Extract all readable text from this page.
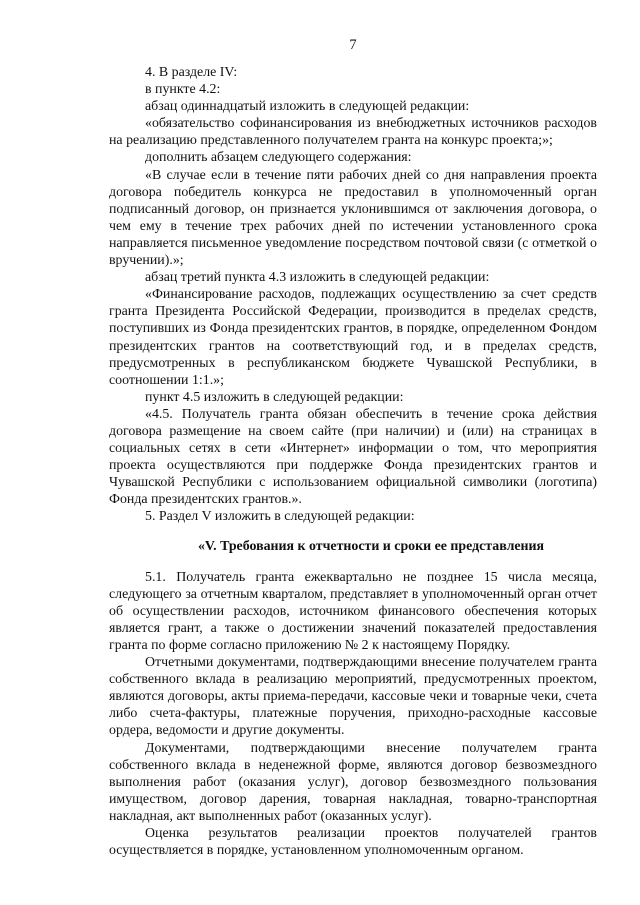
7

4. В разделе IV:

в пункте 4.2:

абзац одиннадцатый изложить в следующей редакции:

«обязательство софинансирования из внебюджетных источников расходов на реализацию представленного получателем гранта на конкурс проекта;»;

дополнить абзацем следующего содержания:

«В случае если в течение пяти рабочих дней со дня направления проекта договора победитель конкурса не предоставил в уполномоченный орган подписанный договор, он признается уклонившимся от заключения договора, о чем ему в течение трех рабочих дней по истечении установленного срока направляется письменное уведомление посредством почтовой связи (с отметкой о вручении).»;

абзац третий пункта 4.3 изложить в следующей редакции:

«Финансирование расходов, подлежащих осуществлению за счет средств гранта Президента Российской Федерации, производится в пределах средств, поступивших из Фонда президентских грантов, в порядке, определенном Фондом президентских грантов на соответствующий год, и в пределах средств, предусмотренных в республиканском бюджете Чувашской Республики, в соотношении 1:1.»;

пункт 4.5 изложить в следующей редакции:

«4.5. Получатель гранта обязан обеспечить в течение срока действия договора размещение на своем сайте (при наличии) и (или) на страницах в социальных сетях в сети «Интернет» информации о том, что мероприятия проекта осуществляются при поддержке Фонда президентских грантов и Чувашской Республики с использованием официальной символики (логотипа) Фонда президентских грантов.».

5. Раздел V изложить в следующей редакции:

«V. Требования к отчетности и сроки ее представления

5.1. Получатель гранта ежеквартально не позднее 15 числа месяца, следующего за отчетным кварталом, представляет в уполномоченный орган отчет об осуществлении расходов, источником финансового обеспечения которых является грант, а также о достижении значений показателей предоставления гранта по форме согласно приложению № 2 к настоящему Порядку.

Отчетными документами, подтверждающими внесение получателем гранта собственного вклада в реализацию мероприятий, предусмотренных проектом, являются договоры, акты приема-передачи, кассовые чеки и товарные чеки, счета либо счета-фактуры, платежные поручения, приходно-расходные кассовые ордера, ведомости и другие документы.

Документами, подтверждающими внесение получателем гранта собственного вклада в неденежной форме, являются договор безвозмездного выполнения работ (оказания услуг), договор безвозмездного пользования имуществом, договор дарения, товарная накладная, товарно-транспортная накладная, акт выполненных работ (оказанных услуг).

Оценка результатов реализации проектов получателей грантов осуществляется в порядке, установленном уполномоченным органом.
